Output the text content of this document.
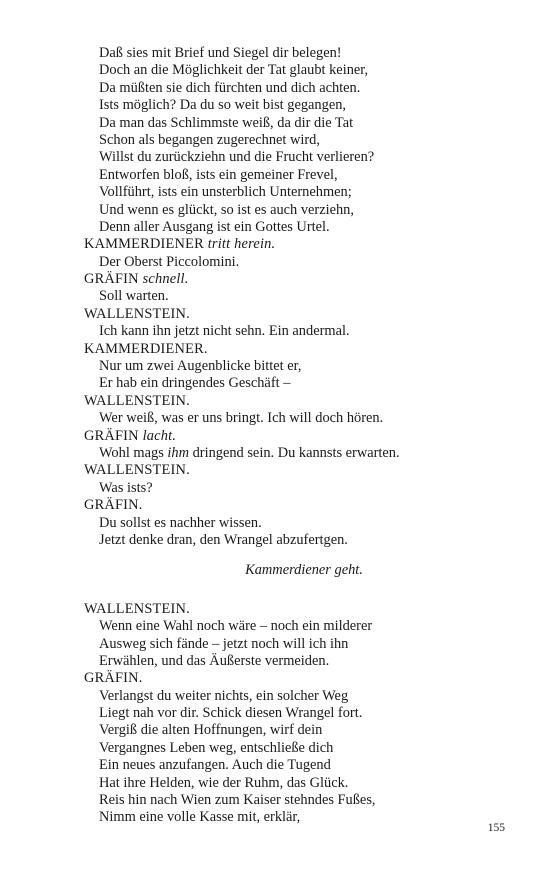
Daß sies mit Brief und Siegel dir belegen!
Doch an die Möglichkeit der Tat glaubt keiner,
Da müßten sie dich fürchten und dich achten.
Ists möglich? Da du so weit bist gegangen,
Da man das Schlimmste weiß, da dir die Tat
Schon als begangen zugerechnet wird,
Willst du zurückziehn und die Frucht verlieren?
Entworfen bloß, ists ein gemeiner Frevel,
Vollführt, ists ein unsterblich Unternehmen;
Und wenn es glückt, so ist es auch verziehn,
Denn aller Ausgang ist ein Gottes Urtel.
KAMMERDIENER tritt herein.
Der Oberst Piccolomini.
GRÄFIN schnell.
Soll warten.
WALLENSTEIN.
Ich kann ihn jetzt nicht sehn. Ein andermal.
KAMMERDIENER.
Nur um zwei Augenblicke bittet er,
Er hab ein dringendes Geschäft –
WALLENSTEIN.
Wer weiß, was er uns bringt. Ich will doch hören.
GRÄFIN lacht.
Wohl mags ihm dringend sein. Du kannsts erwarten.
WALLENSTEIN.
Was ists?
GRÄFIN.
Du sollst es nachher wissen.
Jetzt denke dran, den Wrangel abzufertgen.
Kammerdiener geht.
WALLENSTEIN.
Wenn eine Wahl noch wäre – noch ein milderer
Ausweg sich fände – jetzt noch will ich ihn
Erwählen, und das Äußerste vermeiden.
GRÄFIN.
Verlangst du weiter nichts, ein solcher Weg
Liegt nah vor dir. Schick diesen Wrangel fort.
Vergiß die alten Hoffnungen, wirf dein
Vergangnes Leben weg, entschließe dich
Ein neues anzufangen. Auch die Tugend
Hat ihre Helden, wie der Ruhm, das Glück.
Reis hin nach Wien zum Kaiser stehndes Fußes,
Nimm eine volle Kasse mit, erklär,
155
